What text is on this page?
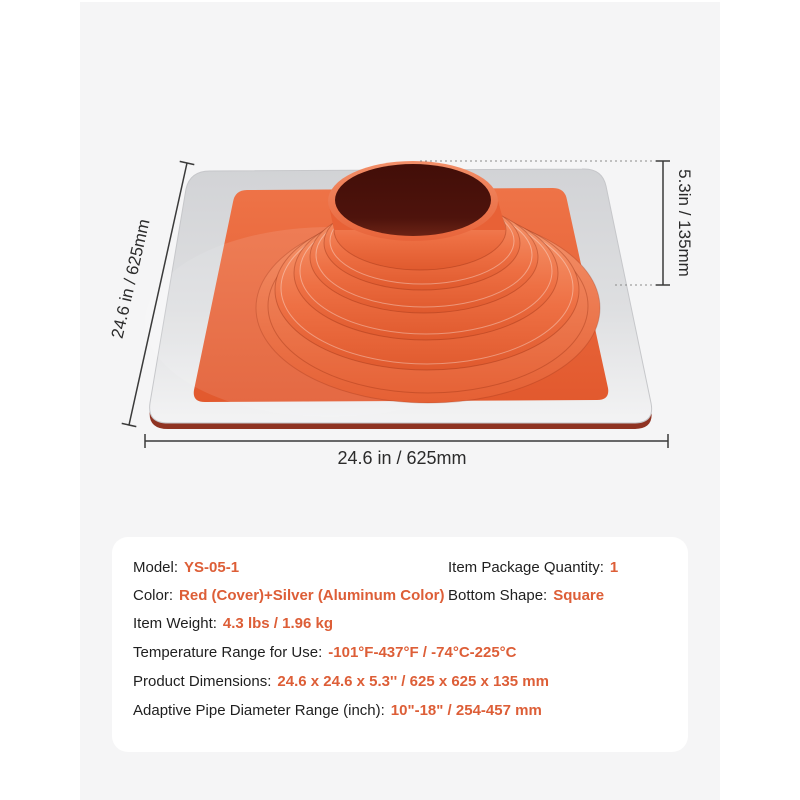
24.6 in / 625mm	5.3in / 135mm
24.6 in / 625mm
Model: YS-05-1	Item Package Quantity: 1
Color: Red (Cover)+Silver (Aluminum Color) Bottom Shape: Square
Item Weight: 4.3 lbs / 1.96 kg
Temperature Range for Use: -101°F-437°F / -74°C-225°C
Product Dimensions: 24.6 x 24.6 x 5.3'' / 625 x 625 x 135 mm
Adaptive Pipe Diameter Range (inch): 10"-18" / 254-457 mm
